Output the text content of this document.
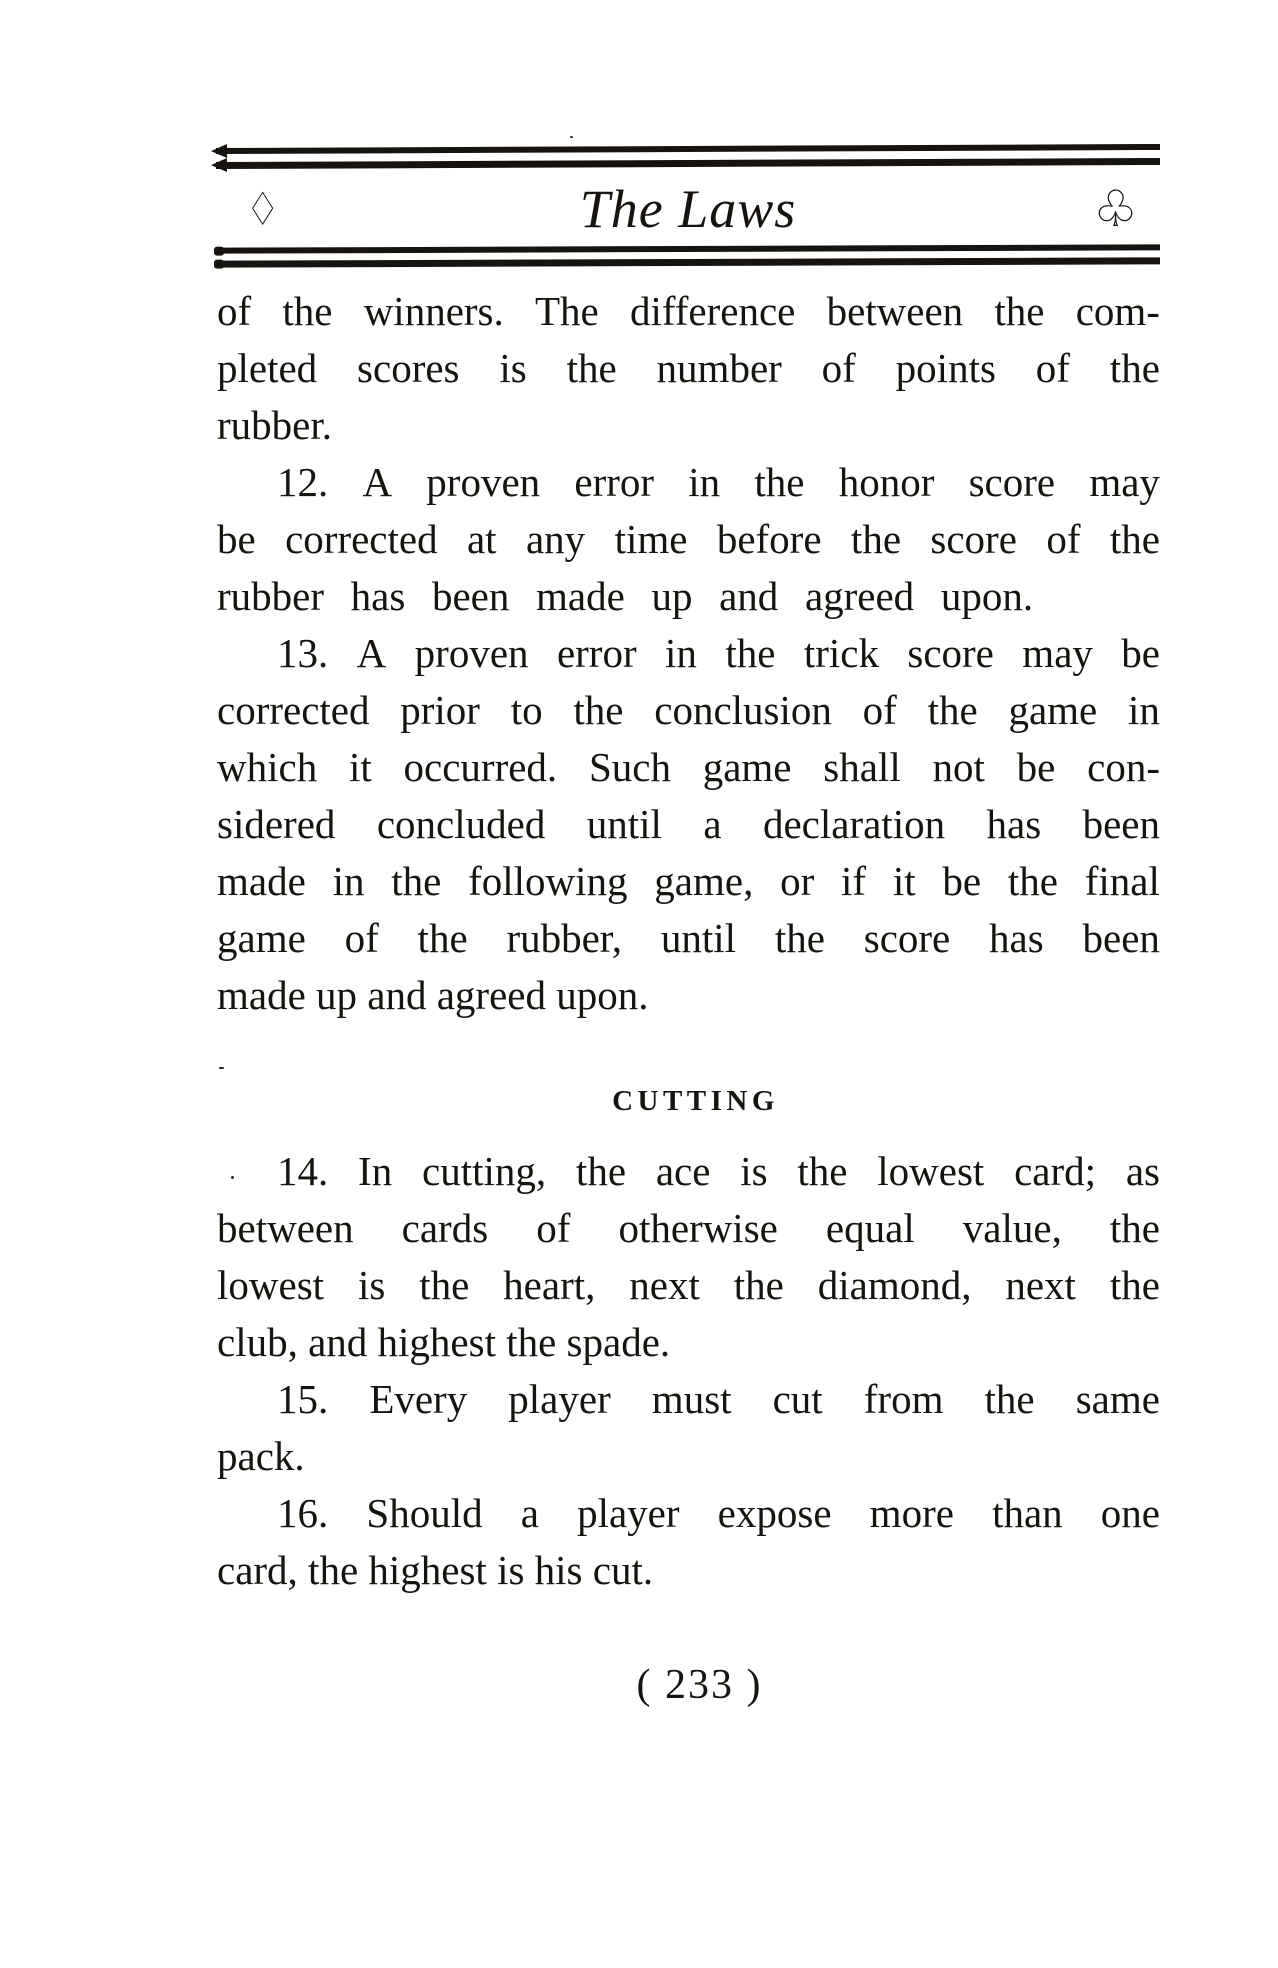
♢	The Laws	♧
of the winners. The difference between the com-
pleted scores is the number of points of the
rubber.
12. A proven error in the honor score may
be corrected at any time before the score of the
rubber has been made up and agreed upon.
13. A proven error in the trick score may be
corrected prior to the conclusion of the game in
which it occurred. Such game shall not be con-
sidered concluded until a declaration has been
made in the following game, or if it be the final
game of the rubber, until the score has been
made up and agreed upon.
CUTTING
14. In cutting, the ace is the lowest card; as
between cards of otherwise equal value, the
lowest is the heart, next the diamond, next the
club, and highest the spade.
15. Every player must cut from the same
pack.
16. Should a player expose more than one
card, the highest is his cut.
( 233 )
